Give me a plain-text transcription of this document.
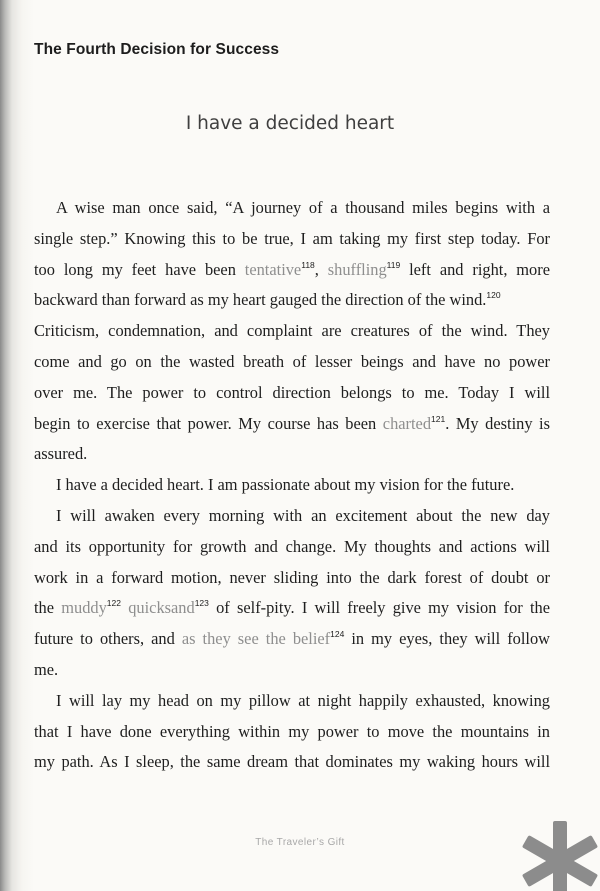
The Fourth Decision for Success
I have a decided heart
A wise man once said, “A journey of a thousand miles begins with a
single step.” Knowing this to be true, I am taking my first step today. For
too long my feet have been tentative$^{118}$, shuffling$^{119}$ left and right, more
backward than forward as my heart gauged the direction of the wind.$^{120}$
Criticism, condemnation, and complaint are creatures of the wind. They
come and go on the wasted breath of lesser beings and have no power
over me. The power to control direction belongs to me. Today I will
begin to exercise that power. My course has been charted$^{121}$. My destiny is
assured.
I have a decided heart. I am passionate about my vision for the future.
I will awaken every morning with an excitement about the new day
and its opportunity for growth and change. My thoughts and actions will
work in a forward motion, never sliding into the dark forest of doubt or
the muddy$^{122}$ quicksand$^{123}$ of self-pity. I will freely give my vision for the
future to others, and as they see the belief$^{124}$ in my eyes, they will follow
me.
I will lay my head on my pillow at night happily exhausted, knowing
that I have done everything within my power to move the mountains in
my path. As I sleep, the same dream that dominates my waking hours will
The Traveler’s Gift
